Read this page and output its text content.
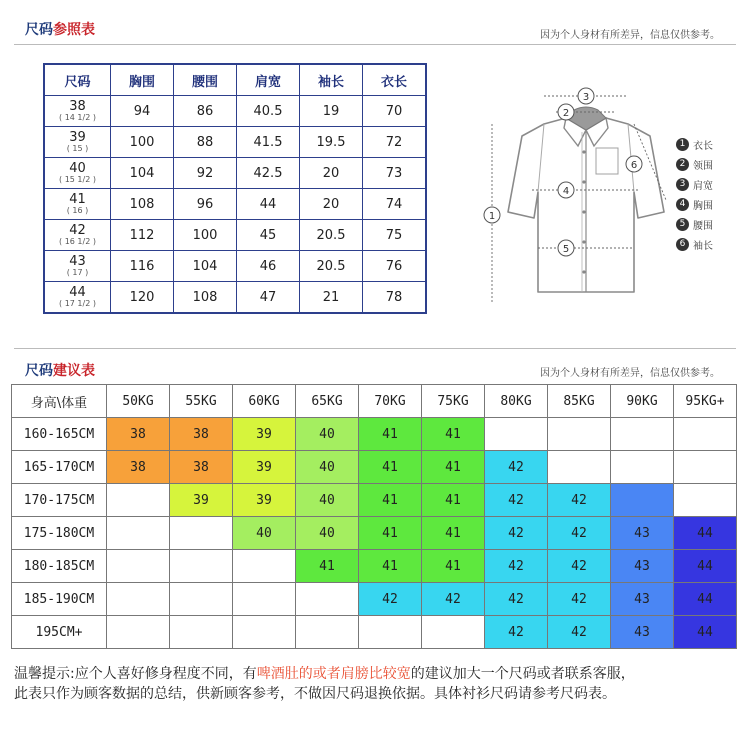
尺码参照表	因为个人身材有所差异，信息仅供参考。
尺码	胸围	腰围	肩宽	袖长	衣长
38
( 14 1/2 )	94	86	40.5	19	70
39
( 15 )	100	88	41.5	19.5	72
40
( 15 1/2 )	104	92	42.5	20	73
41
( 16 )	108	96	44	20	74
42
( 16 1/2 )	112	100	45	20.5	75
43
( 17 )	116	104	46	20.5	76
44
( 17 1/2 )	120	108	47	21	78
3
2
4
5
1
6
1 衣长
2 领围
3 肩宽
4 胸围
5 腰围
6 袖长
尺码建议表	因为个人身材有所差异，信息仅供参考。
身高\体重	50KG	55KG	60KG	65KG	70KG	75KG	80KG	85KG	90KG	95KG+
160-165CM	38	38	39	40	41	41				
165-170CM	38	38	39	40	41	41	42			
170-175CM		39	39	40	41	41	42	42		
175-180CM			40	40	41	41	42	42	43	44
180-185CM				41	41	41	42	42	43	44
185-190CM					42	42	42	42	43	44
195CM+							42	42	43	44
温馨提示:应个人喜好修身程度不同，有啤酒肚的或者肩膀比较宽的建议加大一个尺码或者联系客服，
此表只作为顾客数据的总结，供新顾客参考，不做因尺码退换依据。具体衬衫尺码请参考尺码表。
